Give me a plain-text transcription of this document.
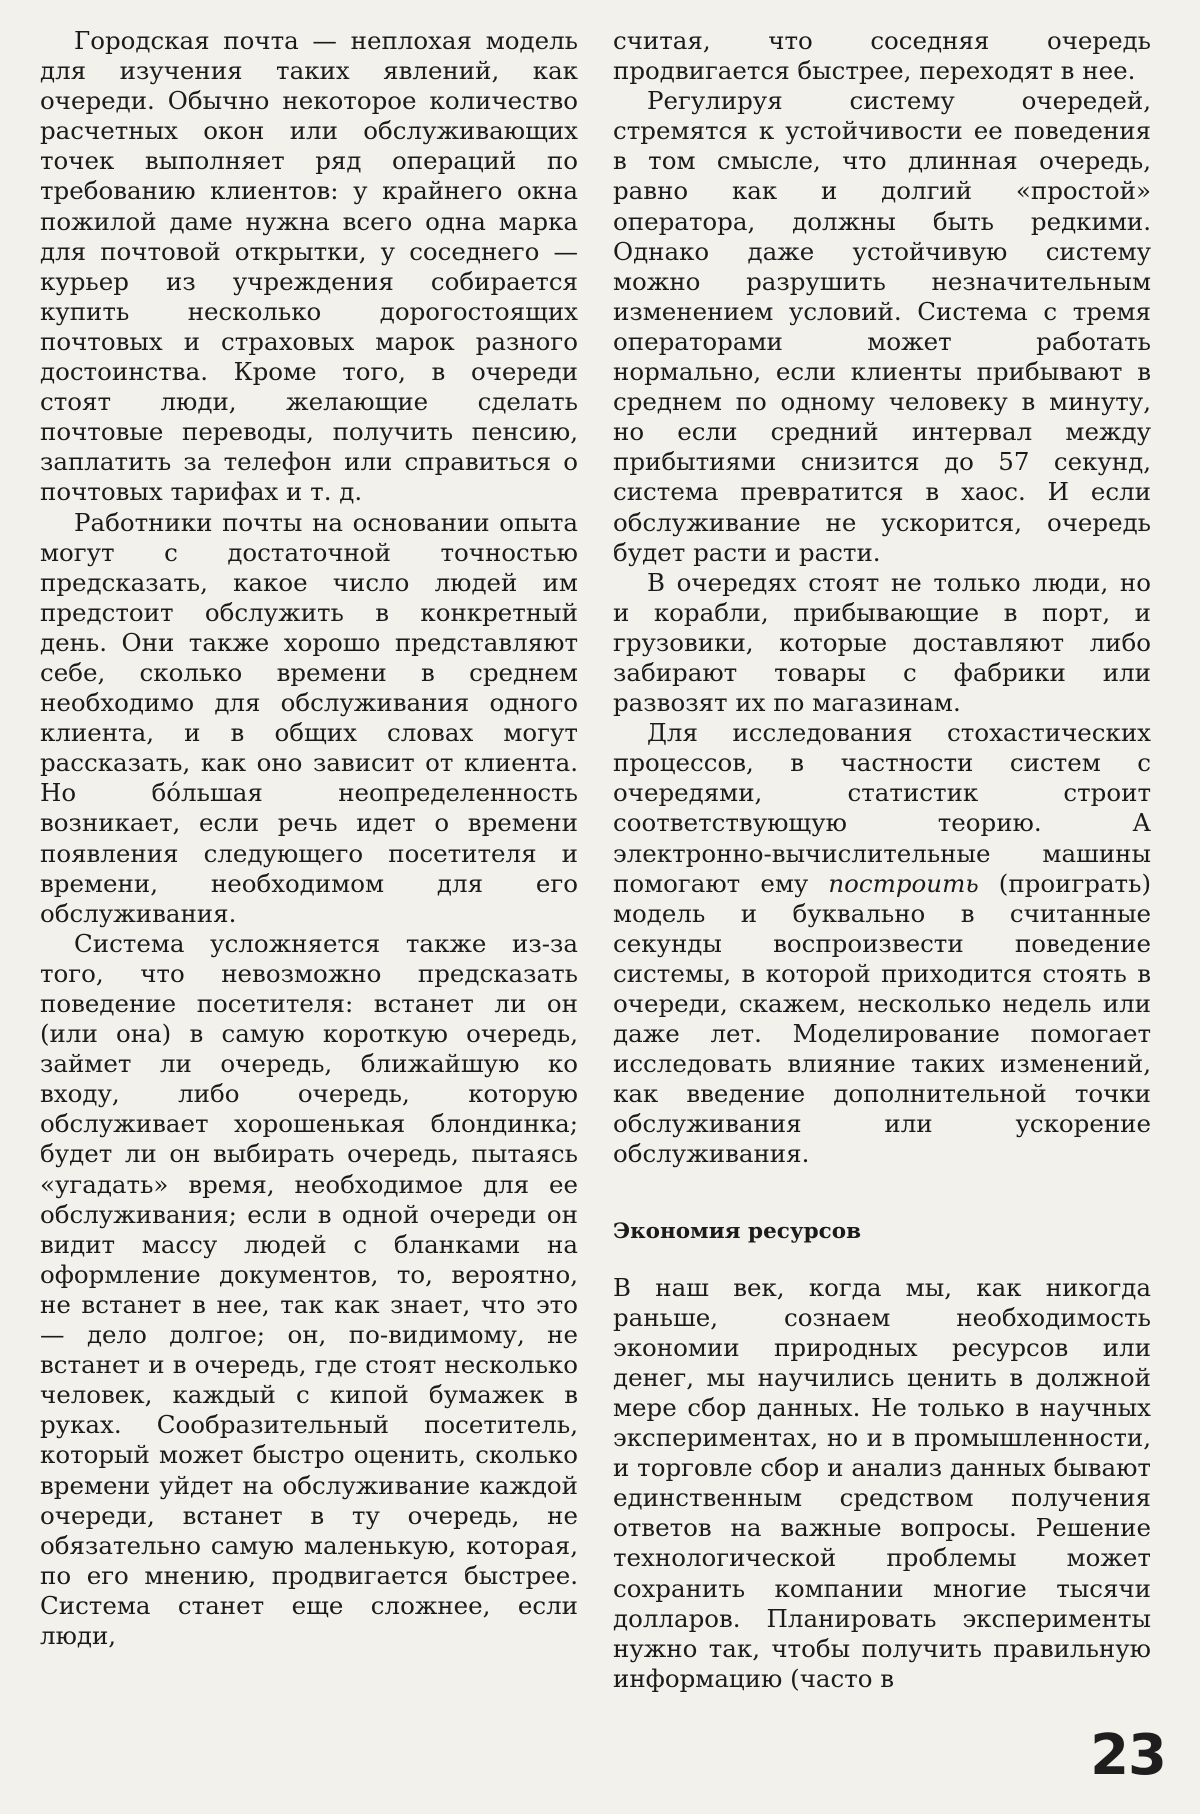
Городская почта — неплохая модель для изучения таких явлений, как очереди. Обычно некоторое количество расчетных окон или обслуживающих точек выполняет ряд операций по требованию клиентов: у крайнего окна пожилой даме нужна всего одна марка для почтовой открытки, у соседнего — курьер из учреждения собирается купить несколько дорогостоящих почтовых и страховых марок разного достоинства. Кроме того, в очереди стоят люди, желающие сделать почтовые переводы, получить пенсию, заплатить за телефон или справиться о почтовых тарифах и т. д.

Работники почты на основании опыта могут с достаточной точностью предсказать, какое число людей им предстоит обслужить в конкретный день. Они также хорошо представляют себе, сколько времени в среднем необходимо для обслуживания одного клиента, и в общих словах могут рассказать, как оно зависит от клиента. Но бо́льшая неопределенность возникает, если речь идет о времени появления следующего посетителя и времени, необходимом для его обслуживания.

Система усложняется также из-за того, что невозможно предсказать поведение посетителя: встанет ли он (или она) в самую короткую очередь, займет ли очередь, ближайшую ко входу, либо очередь, которую обслуживает хорошенькая блондинка; будет ли он выбирать очередь, пытаясь «угадать» время, необходимое для ее обслуживания; если в одной очереди он видит массу людей с бланками на оформление документов, то, вероятно, не встанет в нее, так как знает, что это — дело долгое; он, по-видимому, не встанет и в очередь, где стоят несколько человек, каждый с кипой бумажек в руках. Сообразительный посетитель, который может быстро оценить, сколько времени уйдет на обслуживание каждой очереди, встанет в ту очередь, не обязательно самую маленькую, которая, по его мнению, продвигается быстрее. Система станет еще сложнее, если люди,

считая, что соседняя очередь продвигается быстрее, переходят в нее.

Регулируя систему очередей, стремятся к устойчивости ее поведения в том смысле, что длинная очередь, равно как и долгий «простой» оператора, должны быть редкими. Однако даже устойчивую систему можно разрушить незначительным изменением условий. Система с тремя операторами может работать нормально, если клиенты прибывают в среднем по одному человеку в минуту, но если средний интервал между прибытиями снизится до 57 секунд, система превратится в хаос. И если обслуживание не ускорится, очередь будет расти и расти.

В очередях стоят не только люди, но и корабли, прибывающие в порт, и грузовики, которые доставляют либо забирают товары с фабрики или развозят их по магазинам.

Для исследования стохастических процессов, в частности систем с очередями, статистик строит соответствующую теорию. А электронно-вычислительные машины помогают ему построить (проиграть) модель и буквально в считанные секунды воспроизвести поведение системы, в которой приходится стоять в очереди, скажем, несколько недель или даже лет. Моделирование помогает исследовать влияние таких изменений, как введение дополнительной точки обслуживания или ускорение обслуживания.

Экономия ресурсов

В наш век, когда мы, как никогда раньше, сознаем необходимость экономии природных ресурсов или денег, мы научились ценить в должной мере сбор данных. Не только в научных экспериментах, но и в промышленности, и торговле сбор и анализ данных бывают единственным средством получения ответов на важные вопросы. Решение технологической проблемы может сохранить компании многие тысячи долларов. Планировать эксперименты нужно так, чтобы получить правильную информацию (часто в

23
